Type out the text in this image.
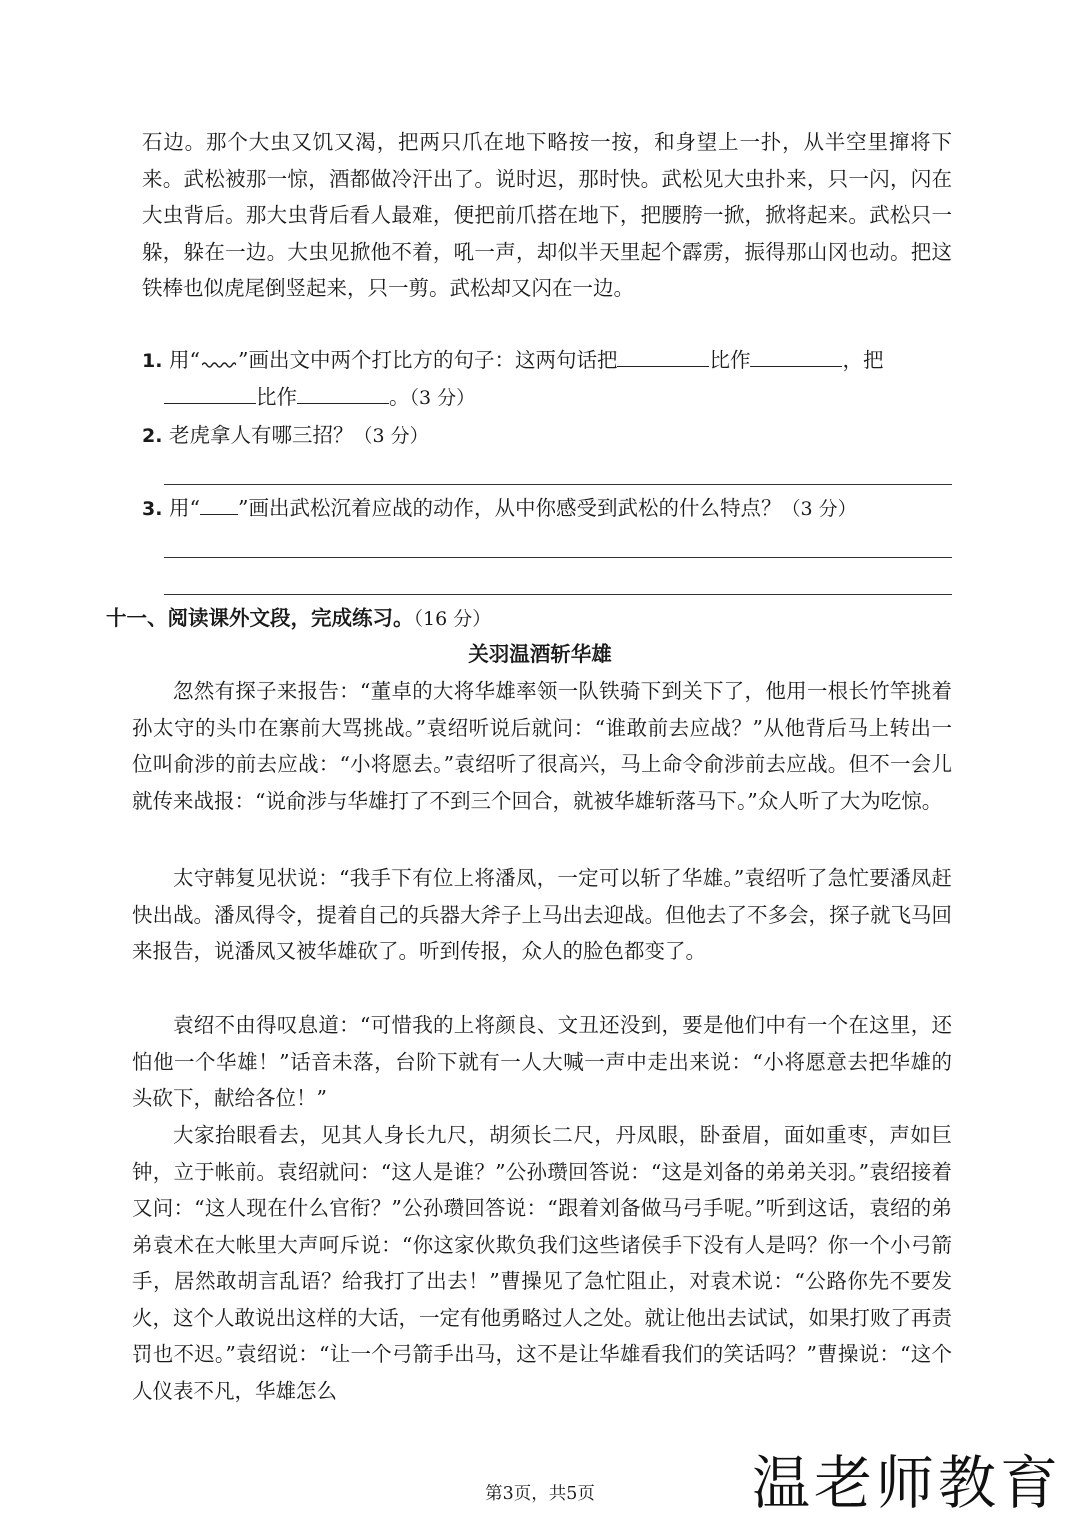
石边。那个大虫又饥又渴，把两只爪在地下略按一按，和身望上一扑，从半空里撺将下来。武松被那一惊，酒都做冷汗出了。说时迟，那时快。武松见大虫扑来，只一闪，闪在大虫背后。那大虫背后看人最难，便把前爪搭在地下，把腰胯一掀，掀将起来。武松只一躲，躲在一边。大虫见掀他不着，吼一声，却似半天里起个霹雳，振得那山冈也动。把这铁棒也似虎尾倒竖起来，只一剪。武松却又闪在一边。

1. 用“ ”画出文中两个打比方的句子：这两句话把	比作	，把
比作	。（3 分）
2. 老虎拿人有哪三招？（3 分）
3. 用“ ”画出武松沉着应战的动作，从中你感受到武松的什么特点？（3 分）
十一、阅读课外文段，完成练习。（16 分）
关羽温酒斩华雄

忽然有探子来报告：“董卓的大将华雄率领一队铁骑下到关下了，他用一根长竹竿挑着孙太守的头巾在寨前大骂挑战。”袁绍听说后就问：“谁敢前去应战？”从他背后马上转出一位叫俞涉的前去应战：“小将愿去。”袁绍听了很高兴，马上命令俞涉前去应战。但不一会儿就传来战报：“说俞涉与华雄打了不到三个回合，就被华雄斩落马下。”众人听了大为吃惊。

太守韩复见状说：“我手下有位上将潘凤，一定可以斩了华雄。”袁绍听了急忙要潘凤赶快出战。潘凤得令，提着自己的兵器大斧子上马出去迎战。但他去了不多会，探子就飞马回来报告，说潘凤又被华雄砍了。听到传报，众人的脸色都变了。

袁绍不由得叹息道：“可惜我的上将颜良、文丑还没到，要是他们中有一个在这里，还怕他一个华雄！”话音未落，台阶下就有一人大喊一声中走出来说：“小将愿意去把华雄的头砍下，献给各位！”

大家抬眼看去，见其人身长九尺，胡须长二尺，丹凤眼，卧蚕眉，面如重枣，声如巨钟，立于帐前。袁绍就问：“这人是谁？”公孙瓒回答说：“这是刘备的弟弟关羽。”袁绍接着又问：“这人现在什么官衔？”公孙瓒回答说：“跟着刘备做马弓手呢。”听到这话，袁绍的弟弟袁术在大帐里大声呵斥说：“你这家伙欺负我们这些诸侯手下没有人是吗？你一个小弓箭手，居然敢胡言乱语？给我打了出去！”曹操见了急忙阻止，对袁术说：“公路你先不要发火，这个人敢说出这样的大话，一定有他勇略过人之处。就让他出去试试，如果打败了再责罚也不迟。”袁绍说：“让一个弓箭手出马，这不是让华雄看我们的笑话吗？”曹操说：“这个人仪表不凡，华雄怎么

第3页，共5页	温老师教育
